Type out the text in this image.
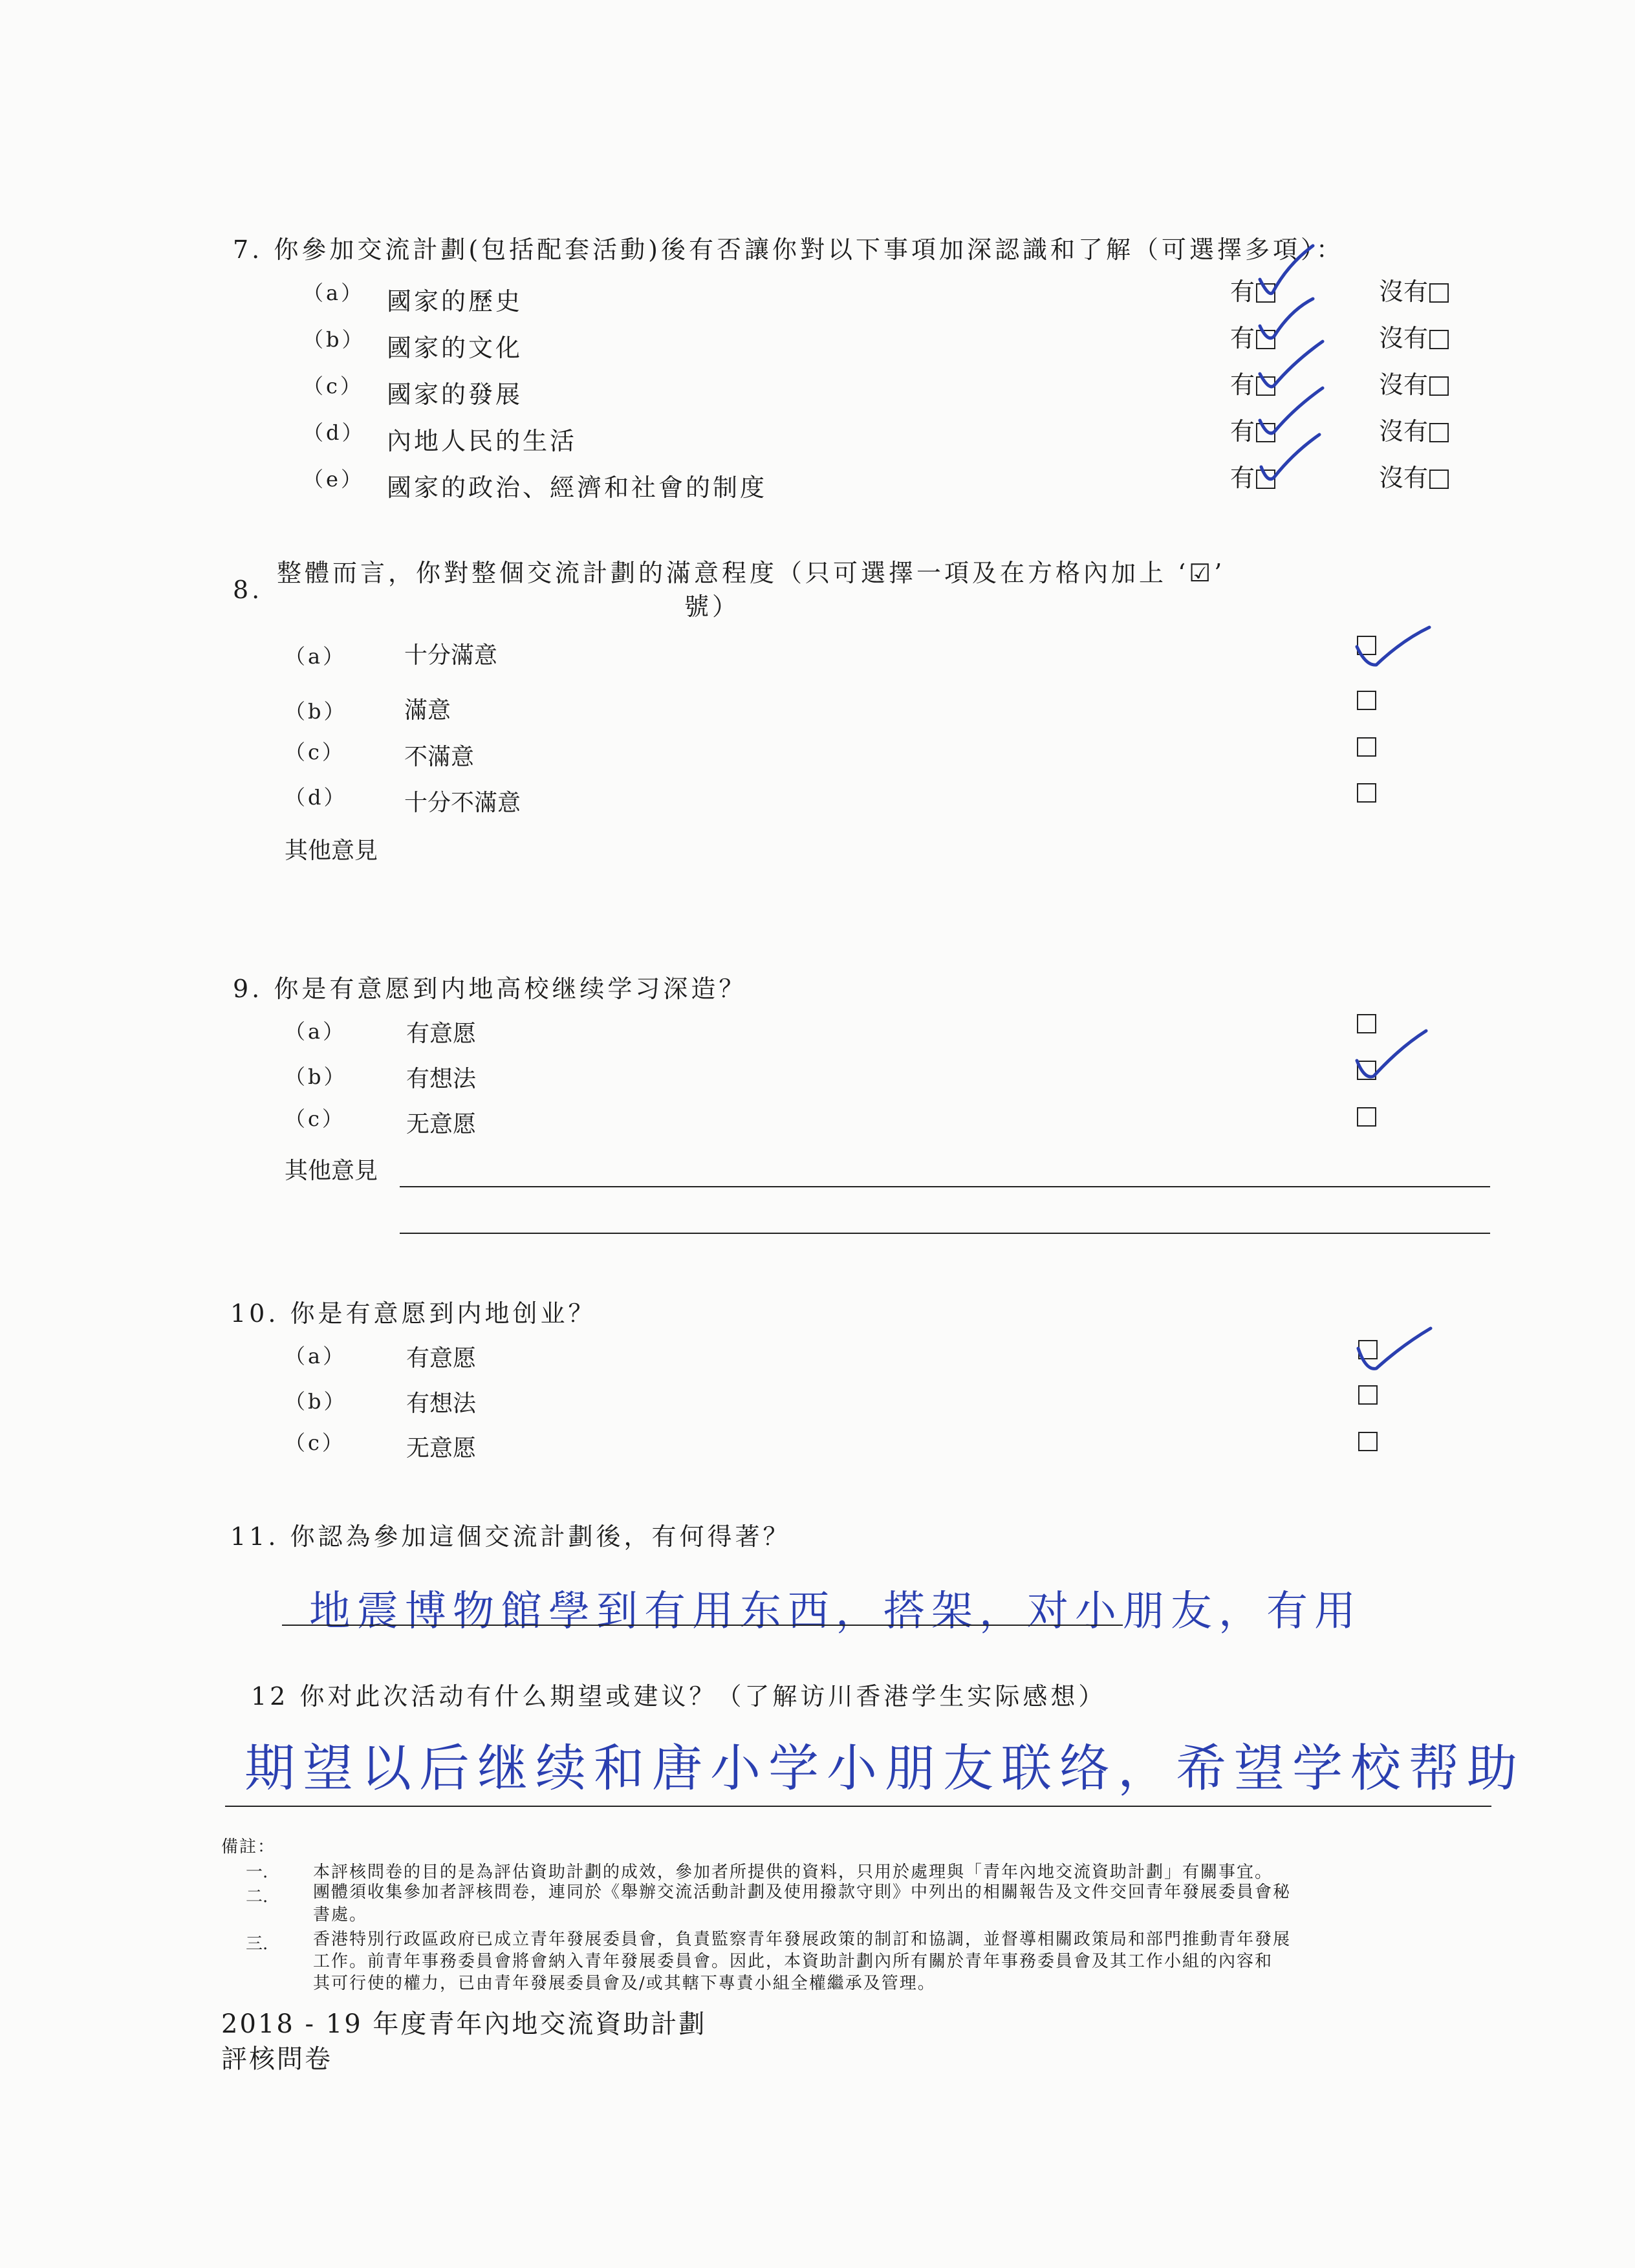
7. 你參加交流計劃(包括配套活動)後有否讓你對以下事項加深認識和了解（可選擇多項）：
（a） 國家的歷史	有	沒有
（b） 國家的文化	有	沒有
（c） 國家的發展	有	沒有
（d） 內地人民的生活	有	沒有
（e） 國家的政治、經濟和社會的制度	有	沒有
8.
整體而言，你對整個交流計劃的滿意程度（只可選擇一項及在方格內加上 ‘☑’
號）
（a） 十分滿意
（b） 滿意
（c）	不滿意
（d） 十分不滿意
其他意見
9. 你是有意愿到内地高校继续学习深造？
（a）	有意愿
（b）	有想法
（c）	无意愿
其他意見
10. 你是有意愿到内地创业？
（a）	有意愿
（b）	有想法
（c）	无意愿
11. 你認為參加這個交流計劃後，有何得著？
地震博物館學到有用东西，搭架，对小朋友，有用
12 你对此次活动有什么期望或建议？（了解访川香港学生实际感想）
期望以后继续和唐小学小朋友联络，希望学校帮助
備註：
一.	本評核問卷的目的是為評估資助計劃的成效，參加者所提供的資料，只用於處理與「青年內地交流資助計劃」有關事宜。
二.	團體須收集參加者評核問卷，連同於《舉辦交流活動計劃及使用撥款守則》中列出的相關報告及文件交回青年發展委員會秘
書處。
三.	香港特別行政區政府已成立青年發展委員會，負責監察青年發展政策的制訂和協調，並督導相關政策局和部門推動青年發展
工作。前青年事務委員會將會納入青年發展委員會。因此，本資助計劃內所有關於青年事務委員會及其工作小組的內容和
其可行使的權力，已由青年發展委員會及/或其轄下專責小組全權繼承及管理。
2018 - 19 年度青年內地交流資助計劃
評核問卷
